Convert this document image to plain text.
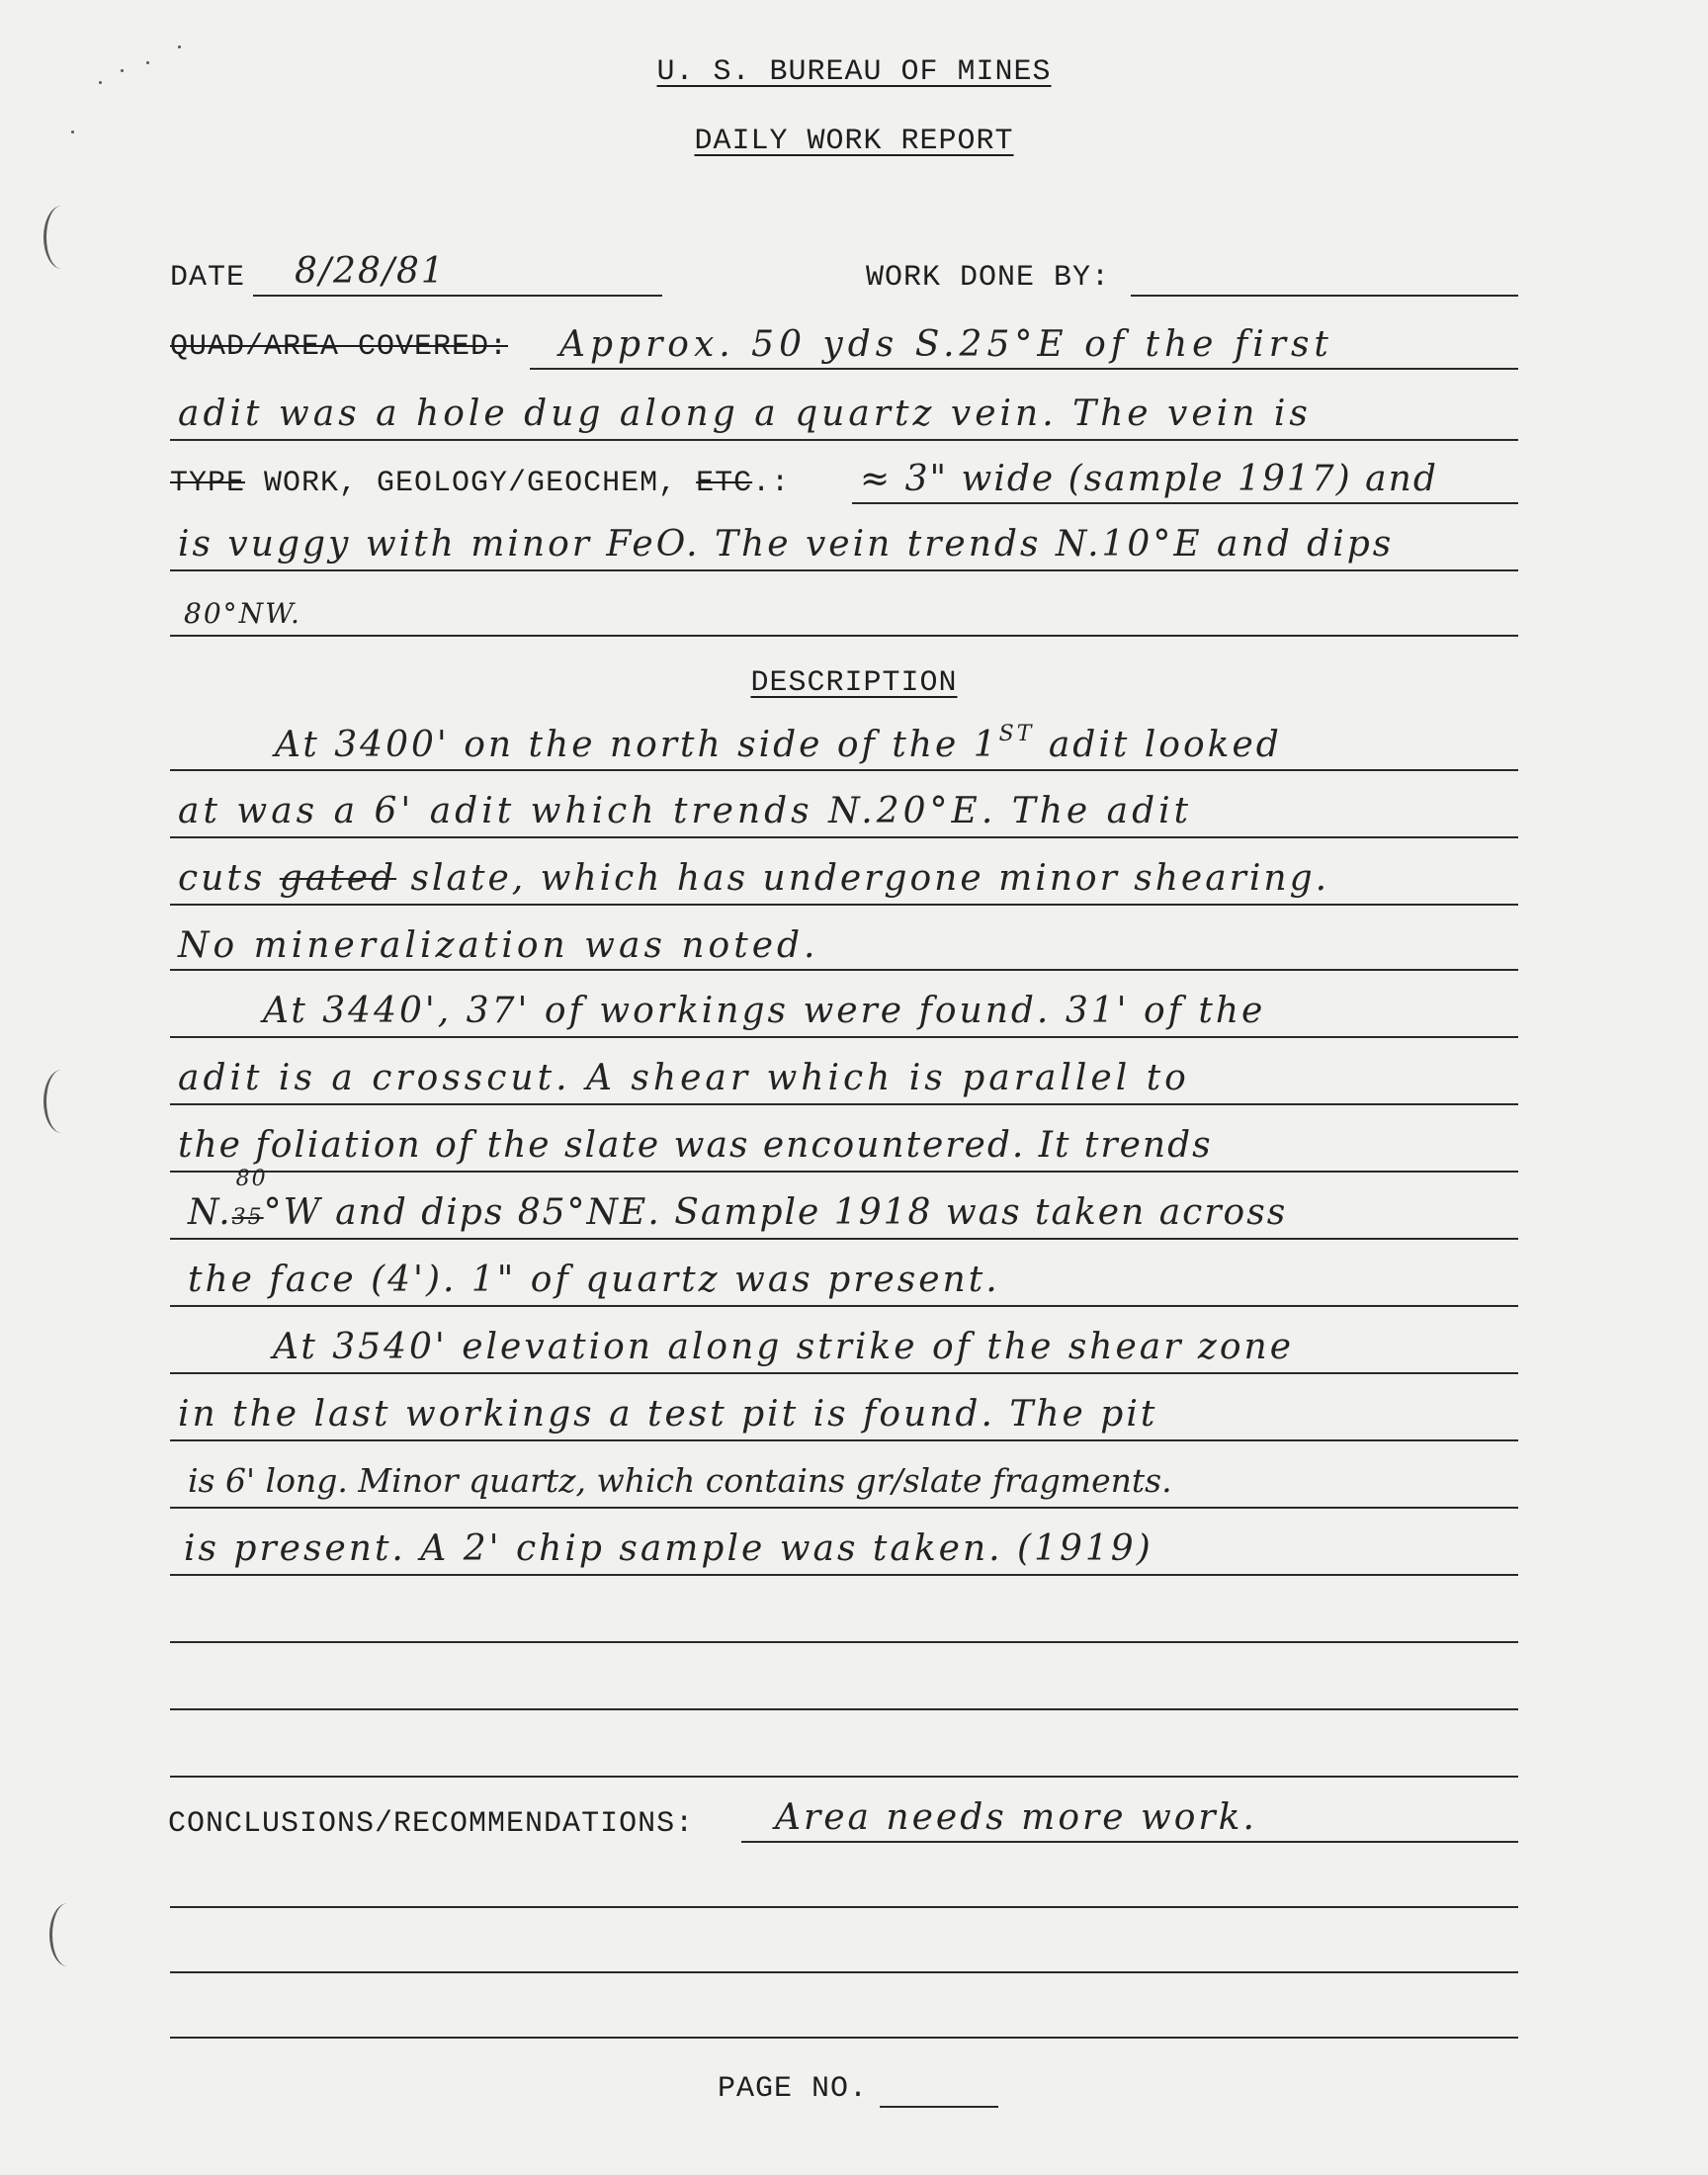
U. S. BUREAU OF MINES
DAILY WORK REPORT
DATE 8/28/81	WORK DONE BY:
QUAD/AREA COVERED: Approx. 50 yds S.25°E of the first
adit was a hole dug along a quartz vein. The vein is
TYPE WORK, GEOLOGY/GEOCHEM, ETC.: ≈ 3" wide (sample 1917) and
is vuggy with minor FeO. The vein trends N.10°E and dips
80°NW.
DESCRIPTION
At 3400' on the north side of the 1ST adit looked
at was a 6' adit which trends N.20°E. The adit
cuts gated slate, which has undergone minor shearing.
No mineralization was noted.
At 3440', 37' of workings were found. 31' of the
adit is a crosscut. A shear which is parallel to
the foliation of the slate was encountered. It trends
N.
80
35°W and dips 85°NE. Sample 1918 was taken across
the face (4'). 1" of quartz was present.
At 3540' elevation along strike of the shear zone
in the last workings a test pit is found. The pit
is 6' long. Minor quartz, which contains gr/slate fragments.
is present. A 2' chip sample was taken. (1919)
CONCLUSIONS/RECOMMENDATIONS: Area needs more work.
PAGE NO.
